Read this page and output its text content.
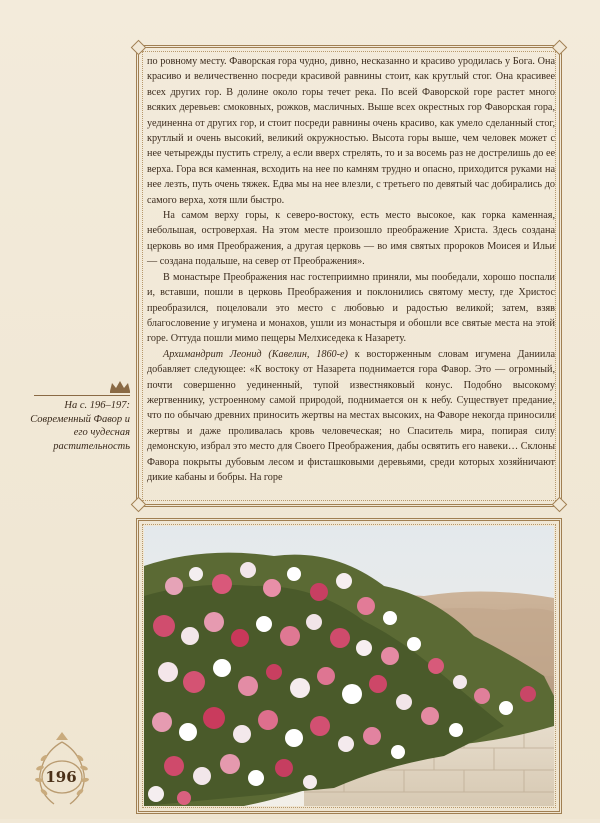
по ровному месту. Фаворская гора чудно, дивно, несказанно и красиво уродилась у Бога. Она красиво и величественно посреди красивой равнины стоит, как крутлый стог. Она красивее всех других гор. В долине около горы течет река. По всей Фаворской горе растет много всяких деревьев: смоковных, рожков, масличных. Выше всех окрестных гор Фаворская гора, уединенна от других гор, и стоит посреди равнины очень красиво, как умело сделанный стог, крутлый и очень высокий, великий окружностью. Высота горы выше, чем человек может с нее четырежды пустить стрелу, а если вверх стрелять, то и за восемь раз не дострелишь до ее верха. Гора вся каменная, всходить на нее по камням трудно и опасно, приходится руками на нее лезть, путь очень тяжек. Едва мы на нее влезли, с третьего по девятый час добирались до самого верха, хотя шли быстро.

На самом верху горы, к северо-востоку, есть место высокое, как горка каменная, небольшая, островерхая. На этом месте произошло преображение Христа. Здесь создана церковь во имя Преображения, а другая церковь — во имя святых пророков Моисея и Ильи — создана подальше, на север от Преображения».

В монастыре Преображения нас гостеприимно приняли, мы пообедали, хорошо поспали и, вставши, пошли в церковь Преображения и поклонились святому месту, где Христос преобразился, поцеловали это место с любовью и радостью великой; затем, взяв благословение у игумена и монахов, ушли из монастыря и обошли все святые места на этой горе. Оттуда пошли мимо пещеры Мелхиседека к Назарету.

Архимандрит Леонид (Кавелин, 1860-е) к восторженным словам игумена Даниила добавляет следующее: «К востоку от Назарета поднимается гора Фавор. Это — огромный, почти совершенно уединенный, тупой известняковый конус. Подобно высокому жертвеннику, устроенному самой природой, поднимается он к небу. Существует предание, что по обычаю древних приносить жертвы на местах высоких, на Фаворе некогда приносили жертвы и даже проливалась кровь человеческая; но Спаситель мира, попирая силу демонскую, избрал это место для Своего Преображения, дабы освятить его навеки… Склоны Фавора покрыты дубовым лесом и фисташковыми деревьями, среди которых хозяйничают дикие кабаны и бобры. На горе

На с. 196–197:
Современный Фавор и его чудесная растительность
196
